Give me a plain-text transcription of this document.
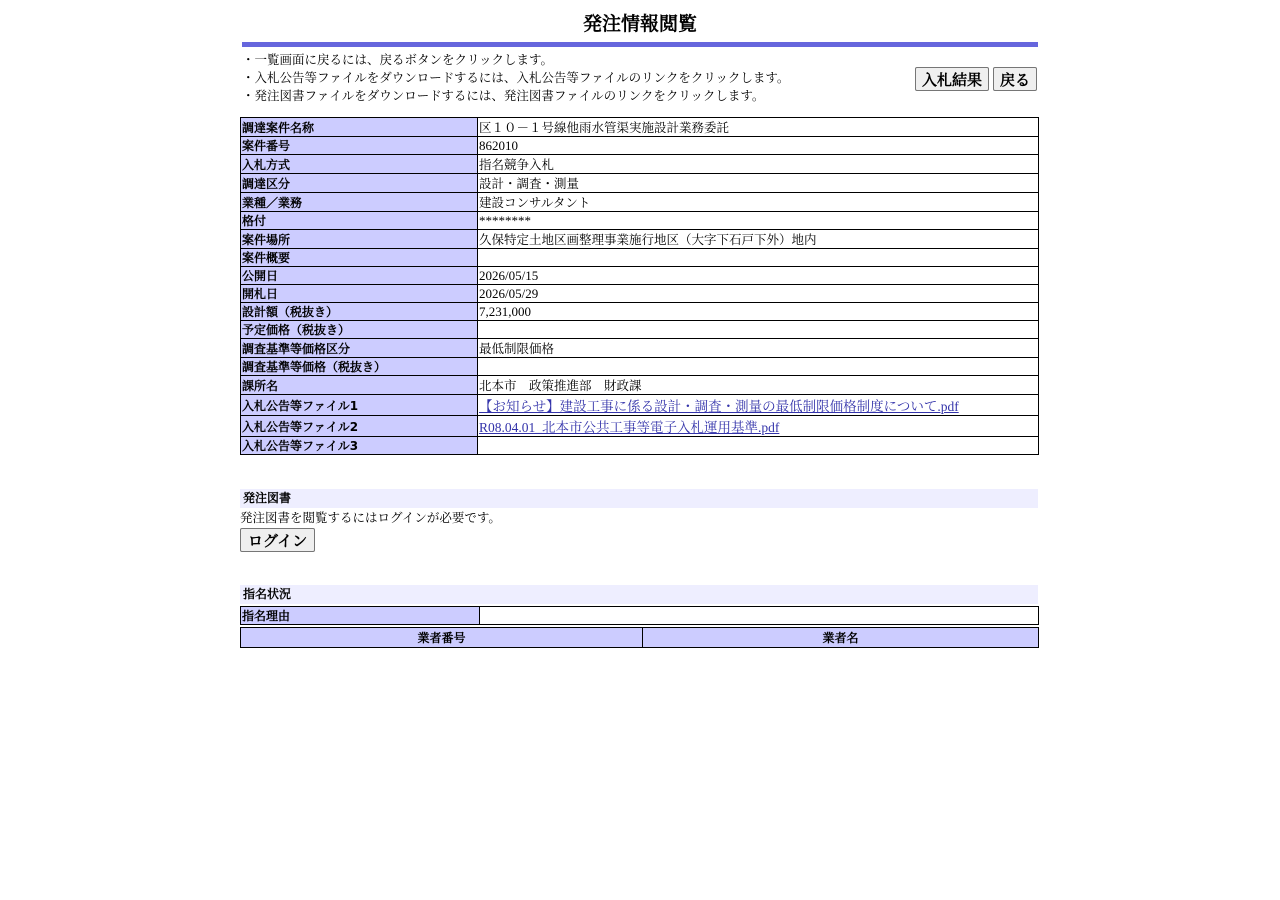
発注情報閲覧
・一覧画面に戻るには、戻るボタンをクリックします。
・入札公告等ファイルをダウンロードするには、入札公告等ファイルのリンクをクリックします。
・発注図書ファイルをダウンロードするには、発注図書ファイルのリンクをクリックします。
入札結果 戻る
調達案件名称	区１０－１号線他雨水管渠実施設計業務委託
案件番号	862010
入札方式	指名競争入札
調達区分	設計・調査・測量
業種／業務	建設コンサルタント
格付	********
案件場所	久保特定土地区画整理事業施行地区（大字下石戸下外）地内
案件概要	
公開日	2026/05/15
開札日	2026/05/29
設計額（税抜き）	7,231,000
予定価格（税抜き）	
調査基準等価格区分	最低制限価格
調査基準等価格（税抜き）	
課所名	北本市　政策推進部　財政課
入札公告等ファイル1	【お知らせ】建設工事に係る設計・調査・測量の最低制限価格制度について.pdf
入札公告等ファイル2	R08.04.01_北本市公共工事等電子入札運用基準.pdf
入札公告等ファイル3	
発注図書
発注図書を閲覧するにはログインが必要です。
ログイン
指名状況
指名理由	
業者番号	業者名
